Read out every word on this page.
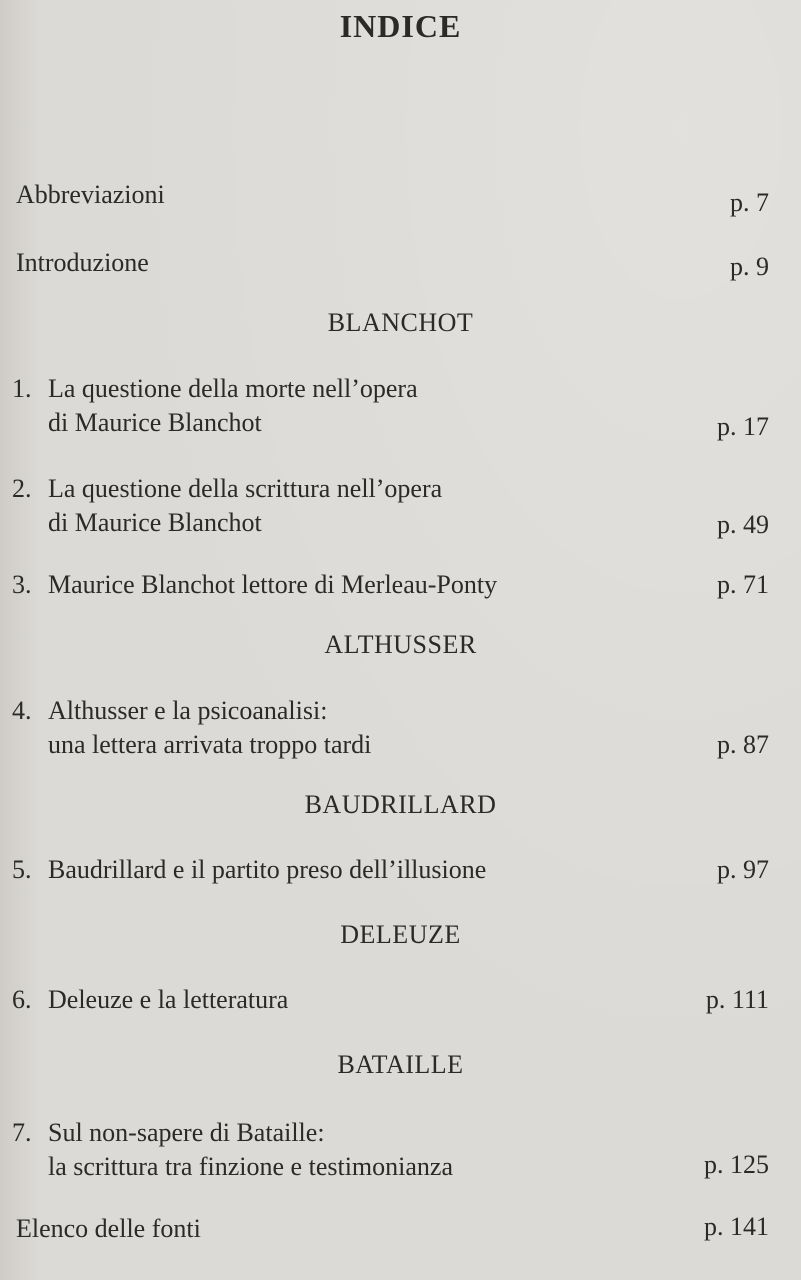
INDICE
Abbreviazioni	p. 7
Introduzione	p. 9
BLANCHOT
1. La questione della morte nell’opera
di Maurice Blanchot	p. 17
2. La questione della scrittura nell’opera
di Maurice Blanchot	p. 49
3. Maurice Blanchot lettore di Merleau-Ponty	p. 71
ALTHUSSER
4. Althusser e la psicoanalisi:
una lettera arrivata troppo tardi	p. 87
BAUDRILLARD
5. Baudrillard e il partito preso dell’illusione	p. 97
DELEUZE
6. Deleuze e la letteratura	p. 111
BATAILLE
7. Sul non-sapere di Bataille:
la scrittura tra finzione e testimonianza	p. 125
Elenco delle fonti	p. 141
